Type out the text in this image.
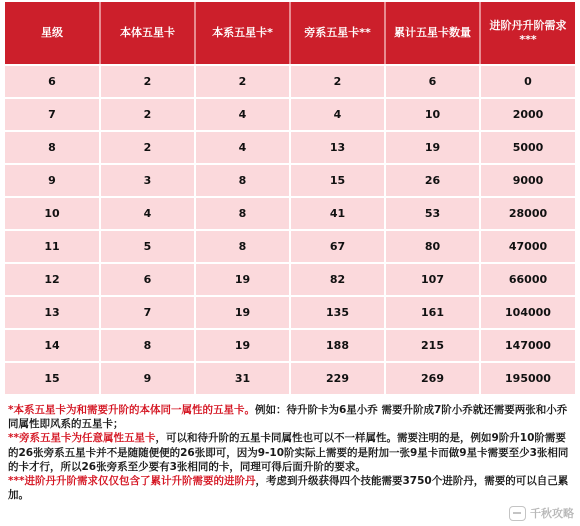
星级	本体五星卡	本系五星卡*	旁系五星卡**	累计五星卡数量	进阶丹升阶需求***
6	2	2	2	6	0
7	2	4	4	10	2000
8	2	4	13	19	5000
9	3	8	15	26	9000
10	4	8	41	53	28000
11	5	8	67	80	47000
12	6	19	82	107	66000
13	7	19	135	161	104000
14	8	19	188	215	147000
15	9	31	229	269	195000

*本系五星卡为和需要升阶的本体同一属性的五星卡。例如：待升阶卡为6星小乔 需要升阶成7阶小乔就还需要两张和小乔同属性即风系的五星卡；

**旁系五星卡为任意属性五星卡，可以和待升阶的五星卡同属性也可以不一样属性。需要注明的是，例如9阶升10阶需要的26张旁系五星卡并不是随随便便的26张即可，因为9-10阶实际上需要的是附加一张9星卡而做9星卡需要至少3张相同的卡才行，所以26张旁系至少要有3张相同的卡，同理可得后面升阶的要求。

***进阶丹升阶需求仅仅包含了累计升阶需要的进阶丹，考虑到升级获得四个技能需要3750个进阶丹，需要的可以自己累加。

千秋攻略
